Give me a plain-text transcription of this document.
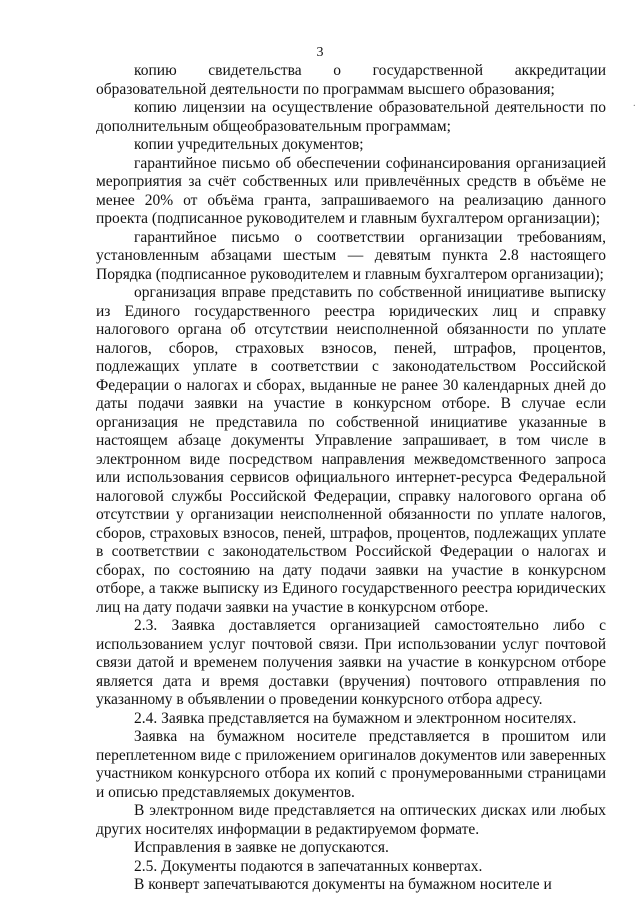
3
·

копию свидетельства о государственной аккредитации образовательной деятельности по программам высшего образования;

копию лицензии на осуществление образовательной деятельности по дополнительным общеобразовательным программам;

копии учредительных документов;

гарантийное письмо об обеспечении софинансирования организацией мероприятия за счёт собственных или привлечённых средств в объёме не менее 20% от объёма гранта, запрашиваемого на реализацию данного проекта (подписанное руководителем и главным бухгалтером организации);

гарантийное письмо о соответствии организации требованиям, установленным абзацами шестым — девятым пункта 2.8 настоящего Порядка (подписанное руководителем и главным бухгалтером организации);

организация вправе представить по собственной инициативе выписку из Единого государственного реестра юридических лиц и справку налогового органа об отсутствии неисполненной обязанности по уплате налогов, сборов, страховых взносов, пеней, штрафов, процентов, подлежащих уплате в соответствии с законодательством Российской Федерации о налогах и сборах, выданные не ранее 30 календарных дней до даты подачи заявки на участие в конкурсном отборе. В случае если организация не представила по собственной инициативе указанные в настоящем абзаце документы Управление запрашивает, в том числе в электронном виде посредством направления межведомственного запроса или использования сервисов официального интернет-ресурса Федеральной налоговой службы Российской Федерации, справку налогового органа об отсутствии у организации неисполненной обязанности по уплате налогов, сборов, страховых взносов, пеней, штрафов, процентов, подлежащих уплате в соответствии с законодательством Российской Федерации о налогах и сборах, по состоянию на дату подачи заявки на участие в конкурсном отборе, а также выписку из Единого государственного реестра юридических лиц на дату подачи заявки на участие в конкурсном отборе.

2.3. Заявка доставляется организацией самостоятельно либо с использованием услуг почтовой связи. При использовании услуг почтовой связи датой и временем получения заявки на участие в конкурсном отборе является дата и время доставки (вручения) почтового отправления по указанному в объявлении о проведении конкурсного отбора адресу.

2.4. Заявка представляется на бумажном и электронном носителях.

Заявка на бумажном носителе представляется в прошитом или переплетенном виде с приложением оригиналов документов или заверенных участником конкурсного отбора их копий с пронумерованными страницами и описью представляемых документов.

В электронном виде представляется на оптических дисках или любых других носителях информации в редактируемом формате.

Исправления в заявке не допускаются.

2.5. Документы подаются в запечатанных конвертах.

В конверт запечатываются документы на бумажном носителе и
